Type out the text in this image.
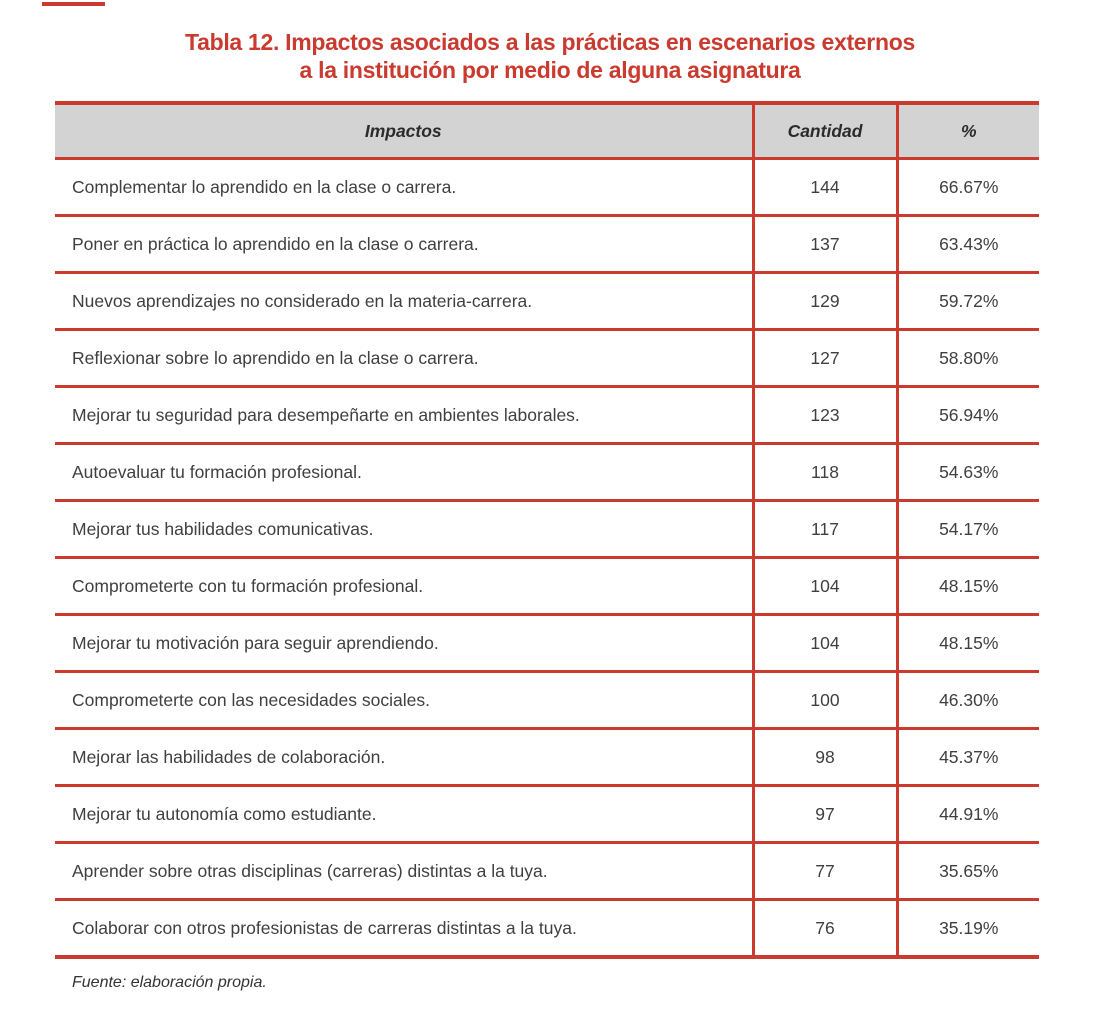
Tabla 12. Impactos asociados a las prácticas en escenarios externos
a la institución por medio de alguna asignatura
Impactos	Cantidad	%
Complementar lo aprendido en la clase o carrera.	144	66.67%
Poner en práctica lo aprendido en la clase o carrera.	137	63.43%
Nuevos aprendizajes no considerado en la materia-carrera.	129	59.72%
Reflexionar sobre lo aprendido en la clase o carrera.	127	58.80%
Mejorar tu seguridad para desempeñarte en ambientes laborales.	123	56.94%
Autoevaluar tu formación profesional.	118	54.63%
Mejorar tus habilidades comunicativas.	117	54.17%
Comprometerte con tu formación profesional.	104	48.15%
Mejorar tu motivación para seguir aprendiendo.	104	48.15%
Comprometerte con las necesidades sociales.	100	46.30%
Mejorar las habilidades de colaboración.	98	45.37%
Mejorar tu autonomía como estudiante.	97	44.91%
Aprender sobre otras disciplinas (carreras) distintas a la tuya.	77	35.65%
Colaborar con otros profesionistas de carreras distintas a la tuya.	76	35.19%

Fuente: elaboración propia.
